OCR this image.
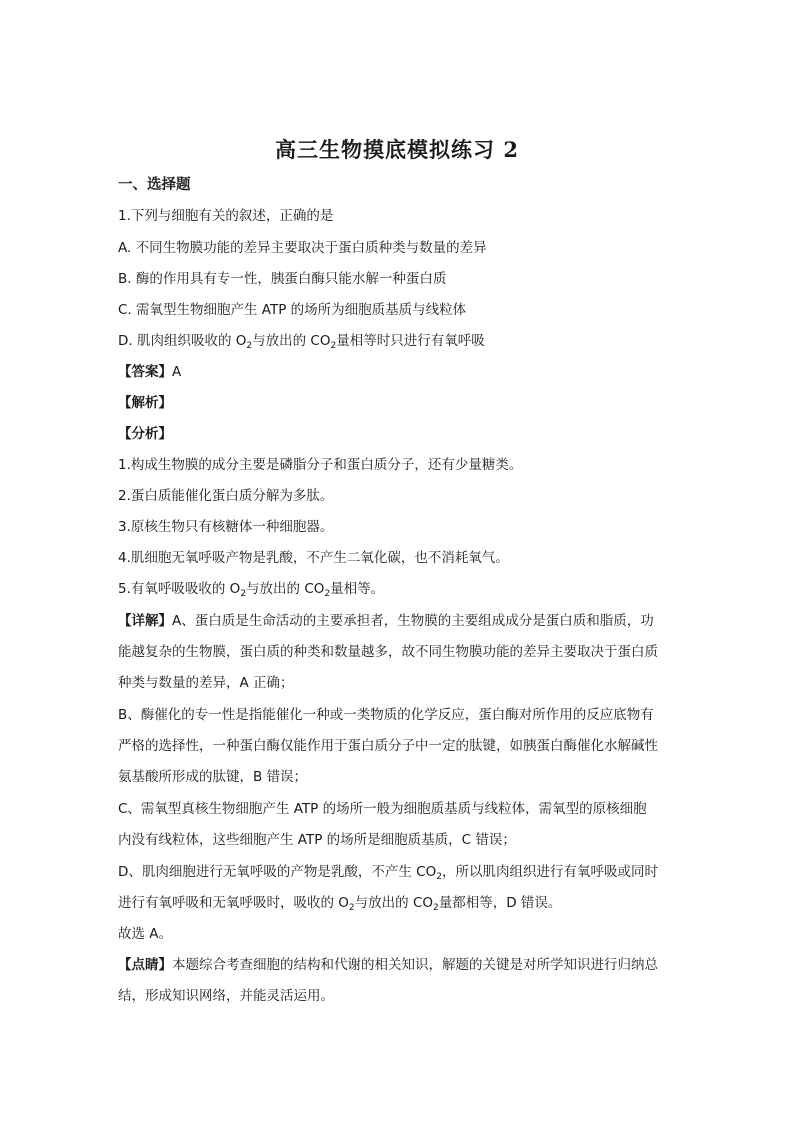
高三生物摸底模拟练习 2
一、选择题
1.下列与细胞有关的叙述，正确的是
A. 不同生物膜功能的差异主要取决于蛋白质种类与数量的差异
B. 酶的作用具有专一性，胰蛋白酶只能水解一种蛋白质
C. 需氧型生物细胞产生 ATP 的场所为细胞质基质与线粒体
D. 肌肉组织吸收的 $O_2$与放出的 $CO_2$量相等时只进行有氧呼吸
【答案】A
【解析】
【分析】
1.构成生物膜的成分主要是磷脂分子和蛋白质分子，还有少量糖类。
2.蛋白质能催化蛋白质分解为多肽。
3.原核生物只有核糖体一种细胞器。
4.肌细胞无氧呼吸产物是乳酸，不产生二氧化碳，也不消耗氧气。
5.有氧呼吸吸收的 $O_2$与放出的 $CO_2$量相等。
【详解】A、蛋白质是生命活动的主要承担者，生物膜的主要组成成分是蛋白质和脂质，功
能越复杂的生物膜，蛋白质的种类和数量越多，故不同生物膜功能的差异主要取决于蛋白质
种类与数量的差异，A 正确；
B、酶催化的专一性是指能催化一种或一类物质的化学反应，蛋白酶对所作用的反应底物有
严格的选择性，一种蛋白酶仅能作用于蛋白质分子中一定的肽键，如胰蛋白酶催化水解碱性
氨基酸所形成的肽键，B 错误；
C、需氧型真核生物细胞产生 ATP 的场所一般为细胞质基质与线粒体，需氧型的原核细胞
内没有线粒体，这些细胞产生 ATP 的场所是细胞质基质，C 错误；
D、肌肉细胞进行无氧呼吸的产物是乳酸，不产生 $CO_2$，所以肌肉组织进行有氧呼吸或同时
进行有氧呼吸和无氧呼吸时，吸收的 $O_2$与放出的 $CO_2$量都相等，D 错误。
故选 A。
【点睛】本题综合考查细胞的结构和代谢的相关知识，解题的关键是对所学知识进行归纳总
结，形成知识网络，并能灵活运用。
